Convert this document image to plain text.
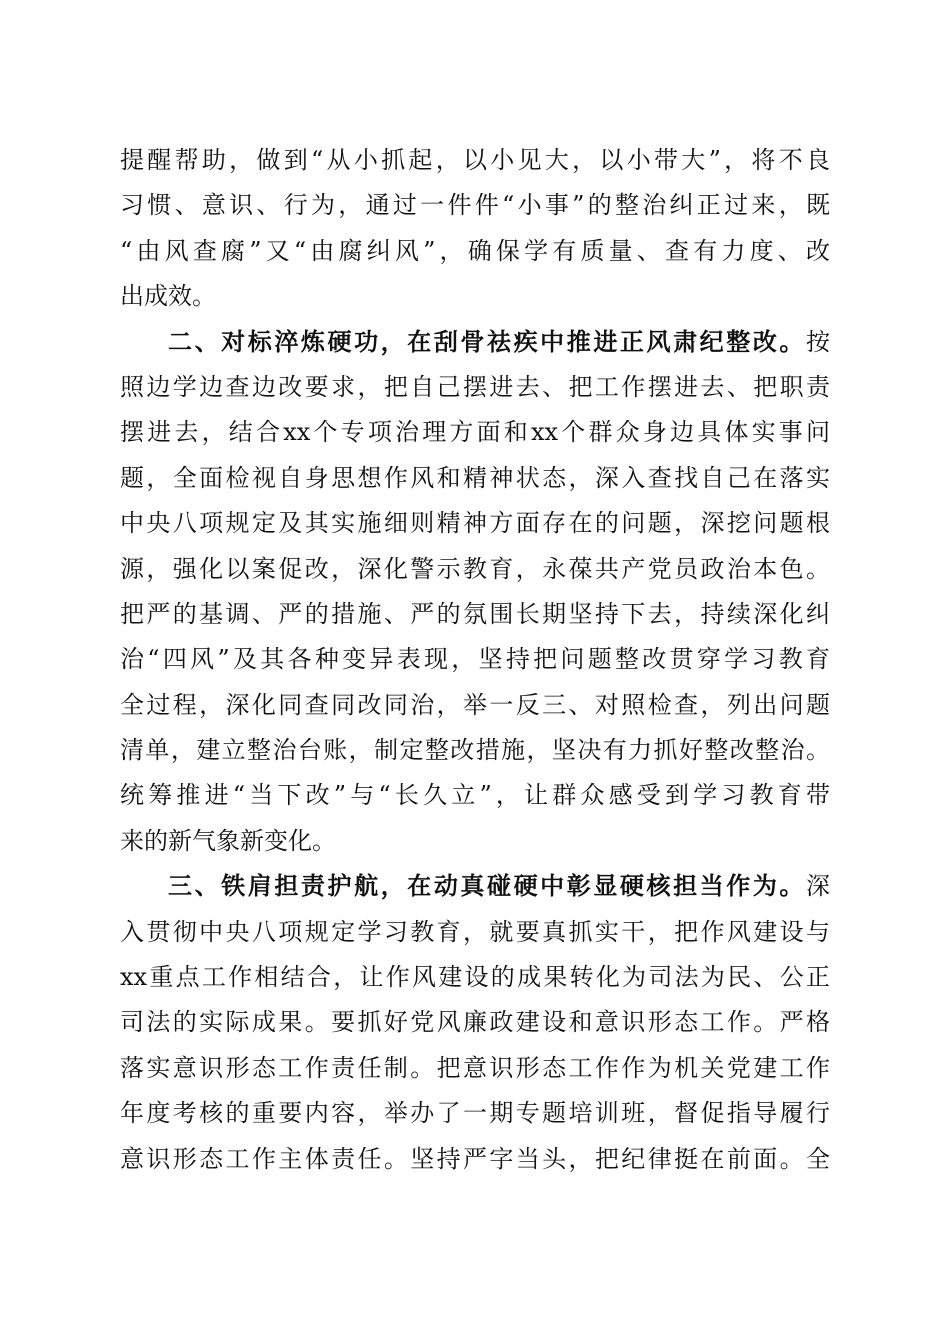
提醒帮助，做到“从小抓起，以小见大，以小带大”，将不良
习惯、意识、行为，通过一件件“小事”的整治纠正过来，既
“由风查腐”又“由腐纠风”，确保学有质量、查有力度、改
出成效。
二、对标淬炼硬功，在刮骨祛疾中推进正风肃纪整改。按
照边学边查边改要求，把自己摆进去、把工作摆进去、把职责
摆进去，结合xx个专项治理方面和xx个群众身边具体实事问
题，全面检视自身思想作风和精神状态，深入查找自己在落实
中央八项规定及其实施细则精神方面存在的问题，深挖问题根
源，强化以案促改，深化警示教育，永葆共产党员政治本色。
把严的基调、严的措施、严的氛围长期坚持下去，持续深化纠
治“四风”及其各种变异表现，坚持把问题整改贯穿学习教育
全过程，深化同查同改同治，举一反三、对照检查，列出问题
清单，建立整治台账，制定整改措施，坚决有力抓好整改整治。
统筹推进“当下改”与“长久立”，让群众感受到学习教育带
来的新气象新变化。
三、铁肩担责护航，在动真碰硬中彰显硬核担当作为。深
入贯彻中央八项规定学习教育，就要真抓实干，把作风建设与
xx重点工作相结合，让作风建设的成果转化为司法为民、公正
司法的实际成果。要抓好党风廉政建设和意识形态工作。严格
落实意识形态工作责任制。把意识形态工作作为机关党建工作
年度考核的重要内容，举办了一期专题培训班，督促指导履行
意识形态工作主体责任。坚持严字当头，把纪律挺在前面。全
